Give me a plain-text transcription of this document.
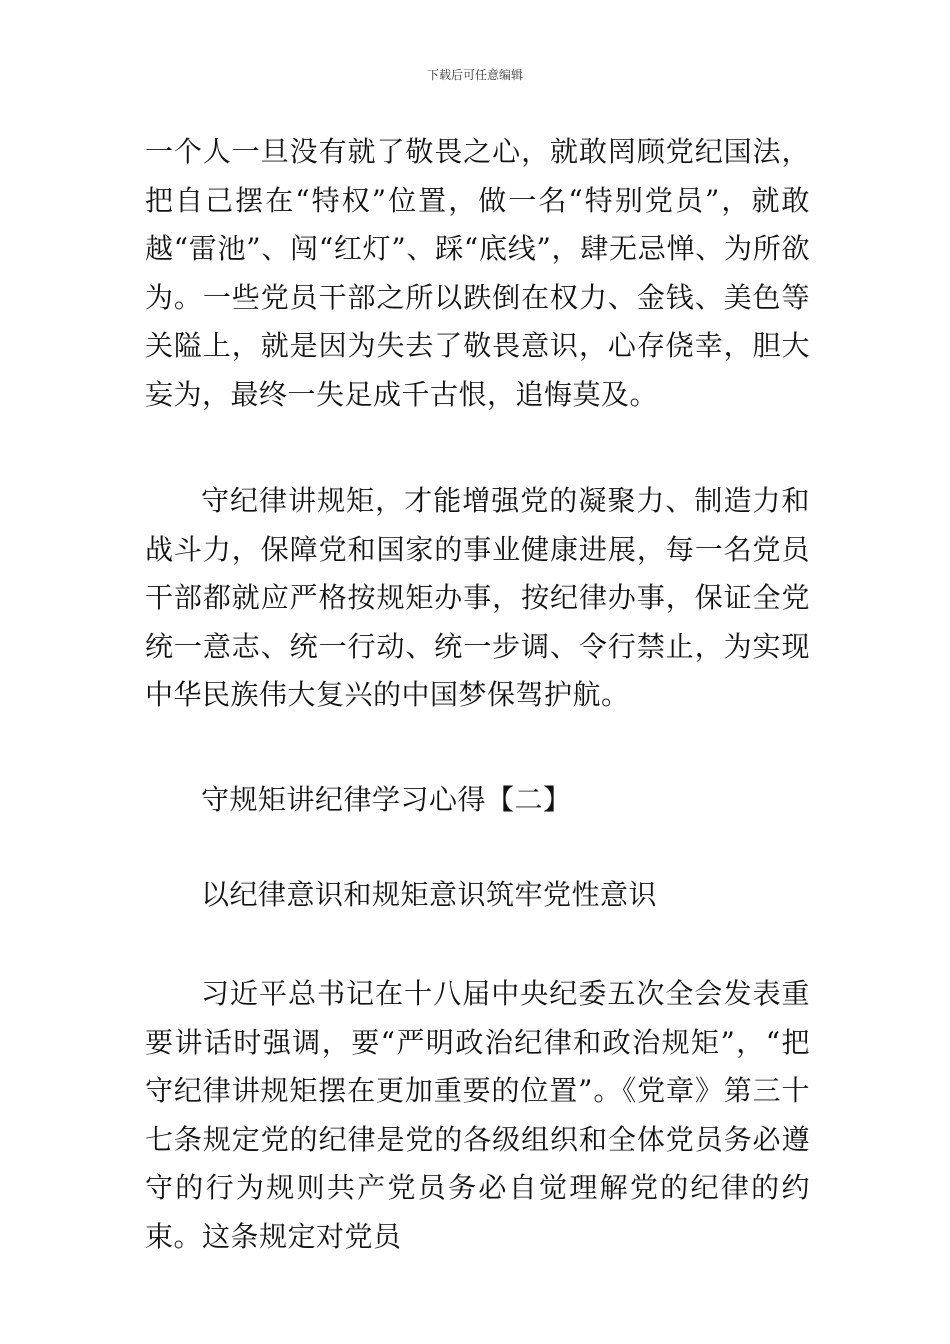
下载后可任意编辑

一个人一旦没有就了敬畏之心，就敢罔顾党纪国法，把自己摆在“特权”位置，做一名“特别党员”，就敢越“雷池”、闯“红灯”、踩“底线”，肆无忌惮、为所欲为。一些党员干部之所以跌倒在权力、金钱、美色等关隘上，就是因为失去了敬畏意识，心存侥幸，胆大妄为，最终一失足成千古恨，追悔莫及。

守纪律讲规矩，才能增强党的凝聚力、制造力和战斗力，保障党和国家的事业健康进展，每一名党员干部都就应严格按规矩办事，按纪律办事，保证全党统一意志、统一行动、统一步调、令行禁止，为实现中华民族伟大复兴的中国梦保驾护航。

守规矩讲纪律学习心得【二】

以纪律意识和规矩意识筑牢党性意识

习近平总书记在十八届中央纪委五次全会发表重要讲话时强调，要“严明政治纪律和政治规矩”，“把守纪律讲规矩摆在更加重要的位置”。《党章》第三十七条规定党的纪律是党的各级组织和全体党员务必遵守的行为规则共产党员务必自觉理解党的纪律的约束。这条规定对党员
